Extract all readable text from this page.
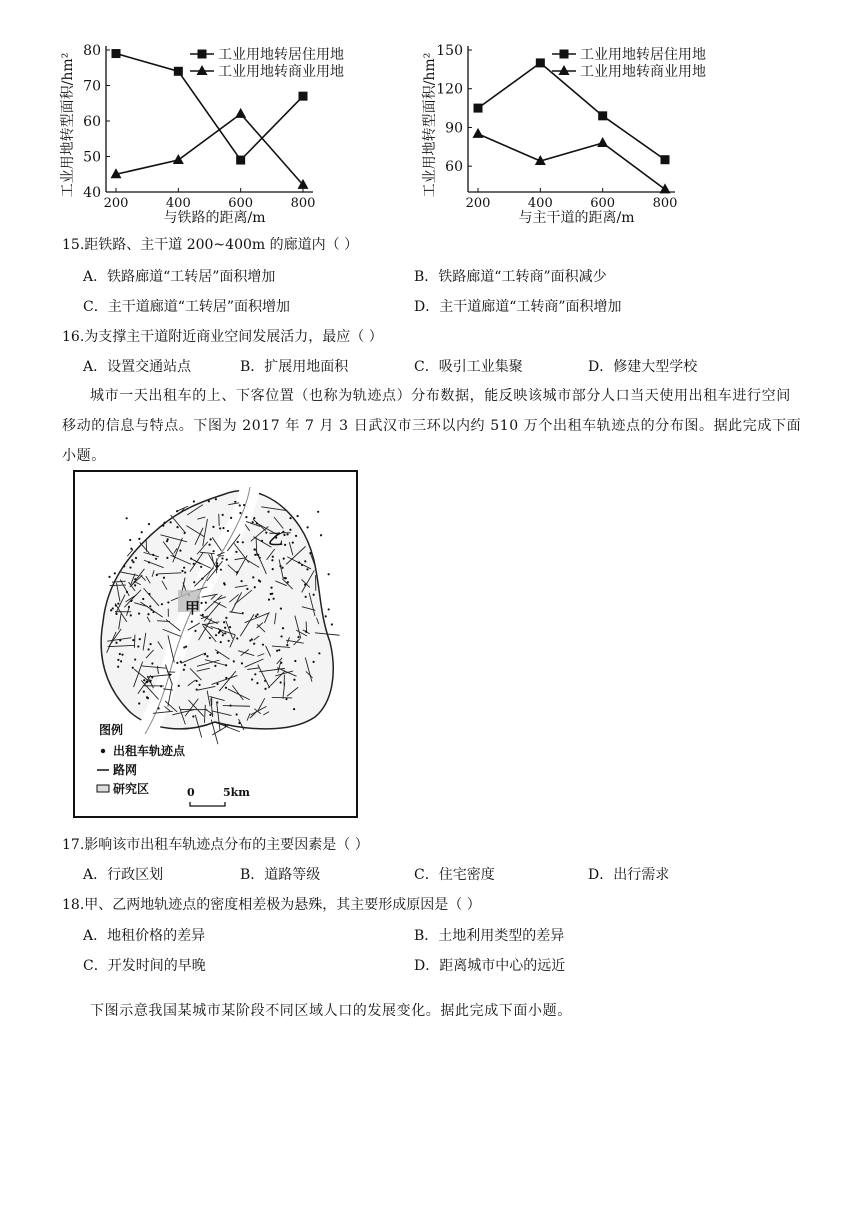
40
50
60
70
80
200	400	600	800
与铁路的距离/m
工业用地转型面积/hm²	工业用地转居住用地
工业用地转商业用地
60
90
120
150
200	400	600	800
与主干道的距离/m
工业用地转型面积/hm²	工业用地转居住用地
工业用地转商业用地
15.距铁路、主干道 200~400m 的廊道内（ ）
A．铁路廊道“工转居”面积增加	B．铁路廊道“工转商”面积减少
C．主干道廊道“工转居”面积增加	D．主干道廊道“工转商”面积增加
16.为支撑主干道附近商业空间发展活力，最应（ ）
A．设置交通站点	B．扩展用地面积	C．吸引工业集聚	D．修建大型学校
城市一天出租车的上、下客位置（也称为轨迹点）分布数据，能反映该城市部分人口当天使用出租车进行空间移动的信息与特点。下图为 2017 年 7 月 3 日武汉市三环以内约 510 万个出租车轨迹点的分布图。据此完成下面小题。
甲
乙
图例
出租车轨迹点
路网
研究区	0	5km
17.影响该市出租车轨迹点分布的主要因素是（ ）
A．行政区划	B．道路等级	C．住宅密度	D．出行需求
18.甲、乙两地轨迹点的密度相差极为悬殊，其主要形成原因是（ ）
A．地租价格的差异	B．土地利用类型的差异
C．开发时间的早晚	D．距离城市中心的远近
下图示意我国某城市某阶段不同区域人口的发展变化。据此完成下面小题。
